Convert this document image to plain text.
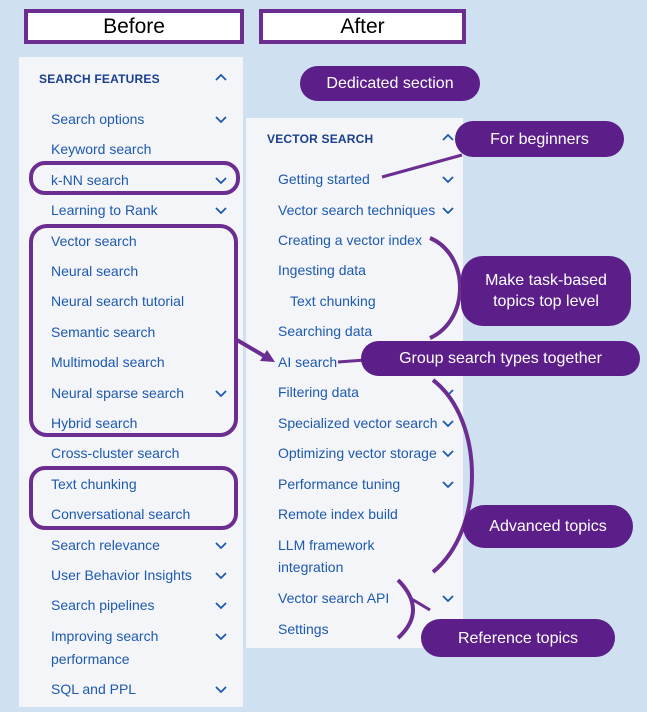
Before	After
SEARCH FEATURES
Search options
Keyword search
k-NN search
Learning to Rank
Vector search
Neural search
Neural search tutorial
Semantic search
Multimodal search
Neural sparse search
Hybrid search
Cross-cluster search
Text chunking
Conversational search
Search relevance
User Behavior Insights
Search pipelines
Improving search
performance
SQL and PPL
VECTOR SEARCH
Getting started
Vector search techniques
Creating a vector index
Ingesting data
Text chunking
Searching data
AI search
Filtering data
Specialized vector search
Optimizing vector storage
Performance tuning
Remote index build
LLM framework
integration
Vector search API
Settings
Dedicated section
For beginners
Make task-based
topics top level
Group search types together
Advanced topics
Reference topics
